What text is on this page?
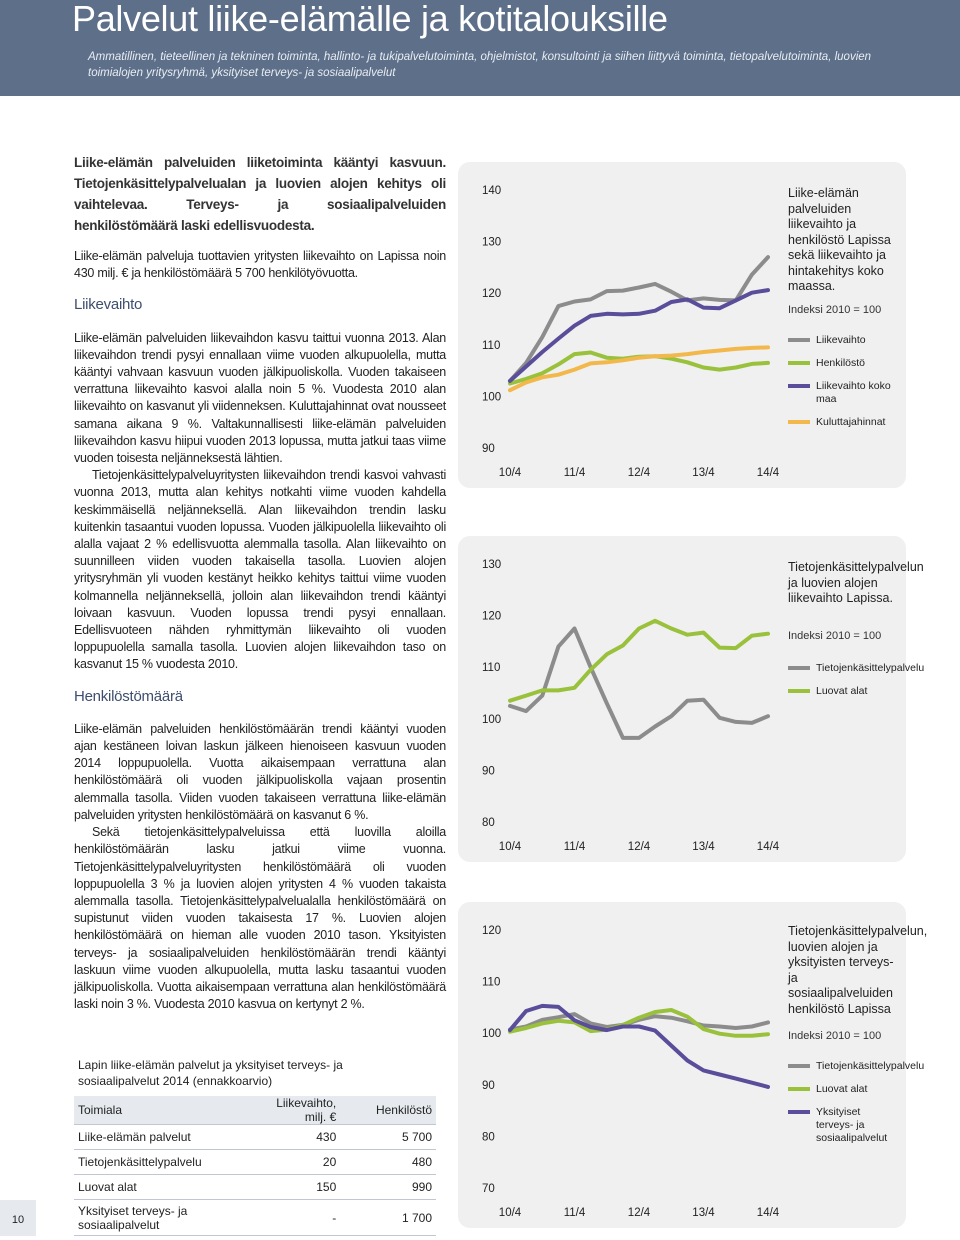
Palvelut liike-elämälle ja kotitalouksille

Ammatillinen, tieteellinen ja tekninen toiminta, hallinto- ja tukipalvelutoiminta, ohjelmistot, konsultointi ja siihen liittyvä toiminta, tietopalvelutoiminta, luovien toimialojen yritysryhmä, yksityiset terveys- ja sosiaalipalvelut

Liike-elämän palveluiden liiketoiminta kääntyi kasvuun. Tietojenkäsittelypalvelualan ja luovien alojen kehitys oli vaihtelevaa. Terveys- ja sosiaalipalveluiden henkilöstömäärä laski edellisvuodesta.

Liike-elämän palveluja tuottavien yritysten liikevaihto on Lapissa noin 430 milj. € ja henkilöstömäärä 5 700 henkilötyövuotta.

Liikevaihto

Liike-elämän palveluiden liikevaihdon kasvu taittui vuonna 2013. Alan liikevaihdon trendi pysyi ennallaan viime vuoden alkupuolella, mutta kääntyi vahvaan kasvuun vuoden jälkipuoliskolla. Vuoden takaiseen verrattuna liikevaihto kasvoi alalla noin 5 %. Vuodesta 2010 alan liikevaihto on kasvanut yli viidenneksen. Kuluttajahinnat ovat nousseet samana aikana 9 %. Valtakunnallisesti liike-elämän palveluiden liikevaihdon kasvu hiipui vuoden 2013 lopussa, mutta jatkui taas viime vuoden toisesta neljänneksestä lähtien.

Tietojenkäsittelypalveluyritysten liikevaihdon trendi kasvoi vahvasti vuonna 2013, mutta alan kehitys notkahti viime vuoden kahdella keskimmäisellä neljänneksellä. Alan liikevaihdon trendin lasku kuitenkin tasaantui vuoden lopussa. Vuoden jälkipuolella liikevaihto oli alalla vajaat 2 % edellisvuotta alemmalla tasolla. Alan liikevaihto on suunnilleen viiden vuoden takaisella tasolla. Luovien alojen yritysryhmän yli vuoden kestänyt heikko kehitys taittui viime vuoden kolmannella neljänneksellä, jolloin alan liikevaihdon trendi kääntyi loivaan kasvuun. Vuoden lopussa trendi pysyi ennallaan. Edellisvuoteen nähden ryhmittymän liikevaihto oli vuoden loppupuolella samalla tasolla. Luovien alojen liikevaihdon taso on kasvanut 15 % vuodesta 2010.

Henkilöstömäärä

Liike-elämän palveluiden henkilöstömäärän trendi kääntyi vuoden ajan kestäneen loivan laskun jälkeen hienoiseen kasvuun vuoden 2014 loppupuolella. Vuotta aikaisempaan verrattuna alan henkilöstömäärä oli vuoden jälkipuoliskolla vajaan prosentin alemmalla tasolla. Viiden vuoden takaiseen verrattuna liike-elämän palveluiden yritysten henkilöstömäärä on kasvanut 6 %.

Sekä tietojenkäsittelypalveluissa että luovilla aloilla henkilöstömäärän lasku jatkui viime vuonna. Tietojenkäsittelypalveluyritysten henkilöstömäärä oli vuoden loppupuolella 3 % ja luovien alojen yritysten 4 % vuoden takaista alemmalla tasolla. Tietojenkäsittelypalvelualalla henkilöstömäärä on supistunut viiden vuoden takaisesta 17 %. Luovien alojen henkilöstömäärä on hieman alle vuoden 2010 tason. Yksityisten terveys- ja sosiaalipalveluiden henkilöstömäärän trendi kääntyi laskuun viime vuoden alkupuolella, mutta lasku tasaantui vuoden jälkipuoliskolla. Vuotta aikaisempaan verrattuna alan henkilöstömäärä laski noin 3 %. Vuodesta 2010 kasvua on kertynyt 2 %.

Lapin liike-elämän palvelut ja yksityiset terveys- ja sosiaalipalvelut 2014 (ennakkoarvio)
Toimiala	Liikevaihto, milj. €	Henkilöstö
Liike-elämän palvelut	430	5 700
Tietojenkäsittelypalvelu	20	480
Luovat alat	150	990
Yksityiset terveys- ja sosiaalipalvelut	-	1 700
10
90
100
110
120
130
140
10/4	11/4	12/4	13/4	14/4
Liike-elämän palveluiden liikevaihto ja henkilöstö Lapissa sekä liikevaihto ja hintakehitys koko maassa.
Indeksi 2010 = 100
Liikevaihto
Henkilöstö
Liikevaihto koko maa
Kuluttajahinnat
80
90
100
110
120
130
10/4	11/4	12/4	13/4	14/4
Tietojenkäsittelypalvelun ja luovien alojen liikevaihto Lapissa.
Indeksi 2010 = 100
Tietojenkäsittelypalvelu
Luovat alat
70
80
90
100
110
120
10/4	11/4	12/4	13/4	14/4
Tietojenkäsittelypalvelun, luovien alojen ja yksityisten terveys- ja sosiaalipalveluiden henkilöstö Lapissa
Indeksi 2010 = 100
Tietojenkäsittelypalvelu
Luovat alat
Yksityiset terveys- ja sosiaalipalvelut
